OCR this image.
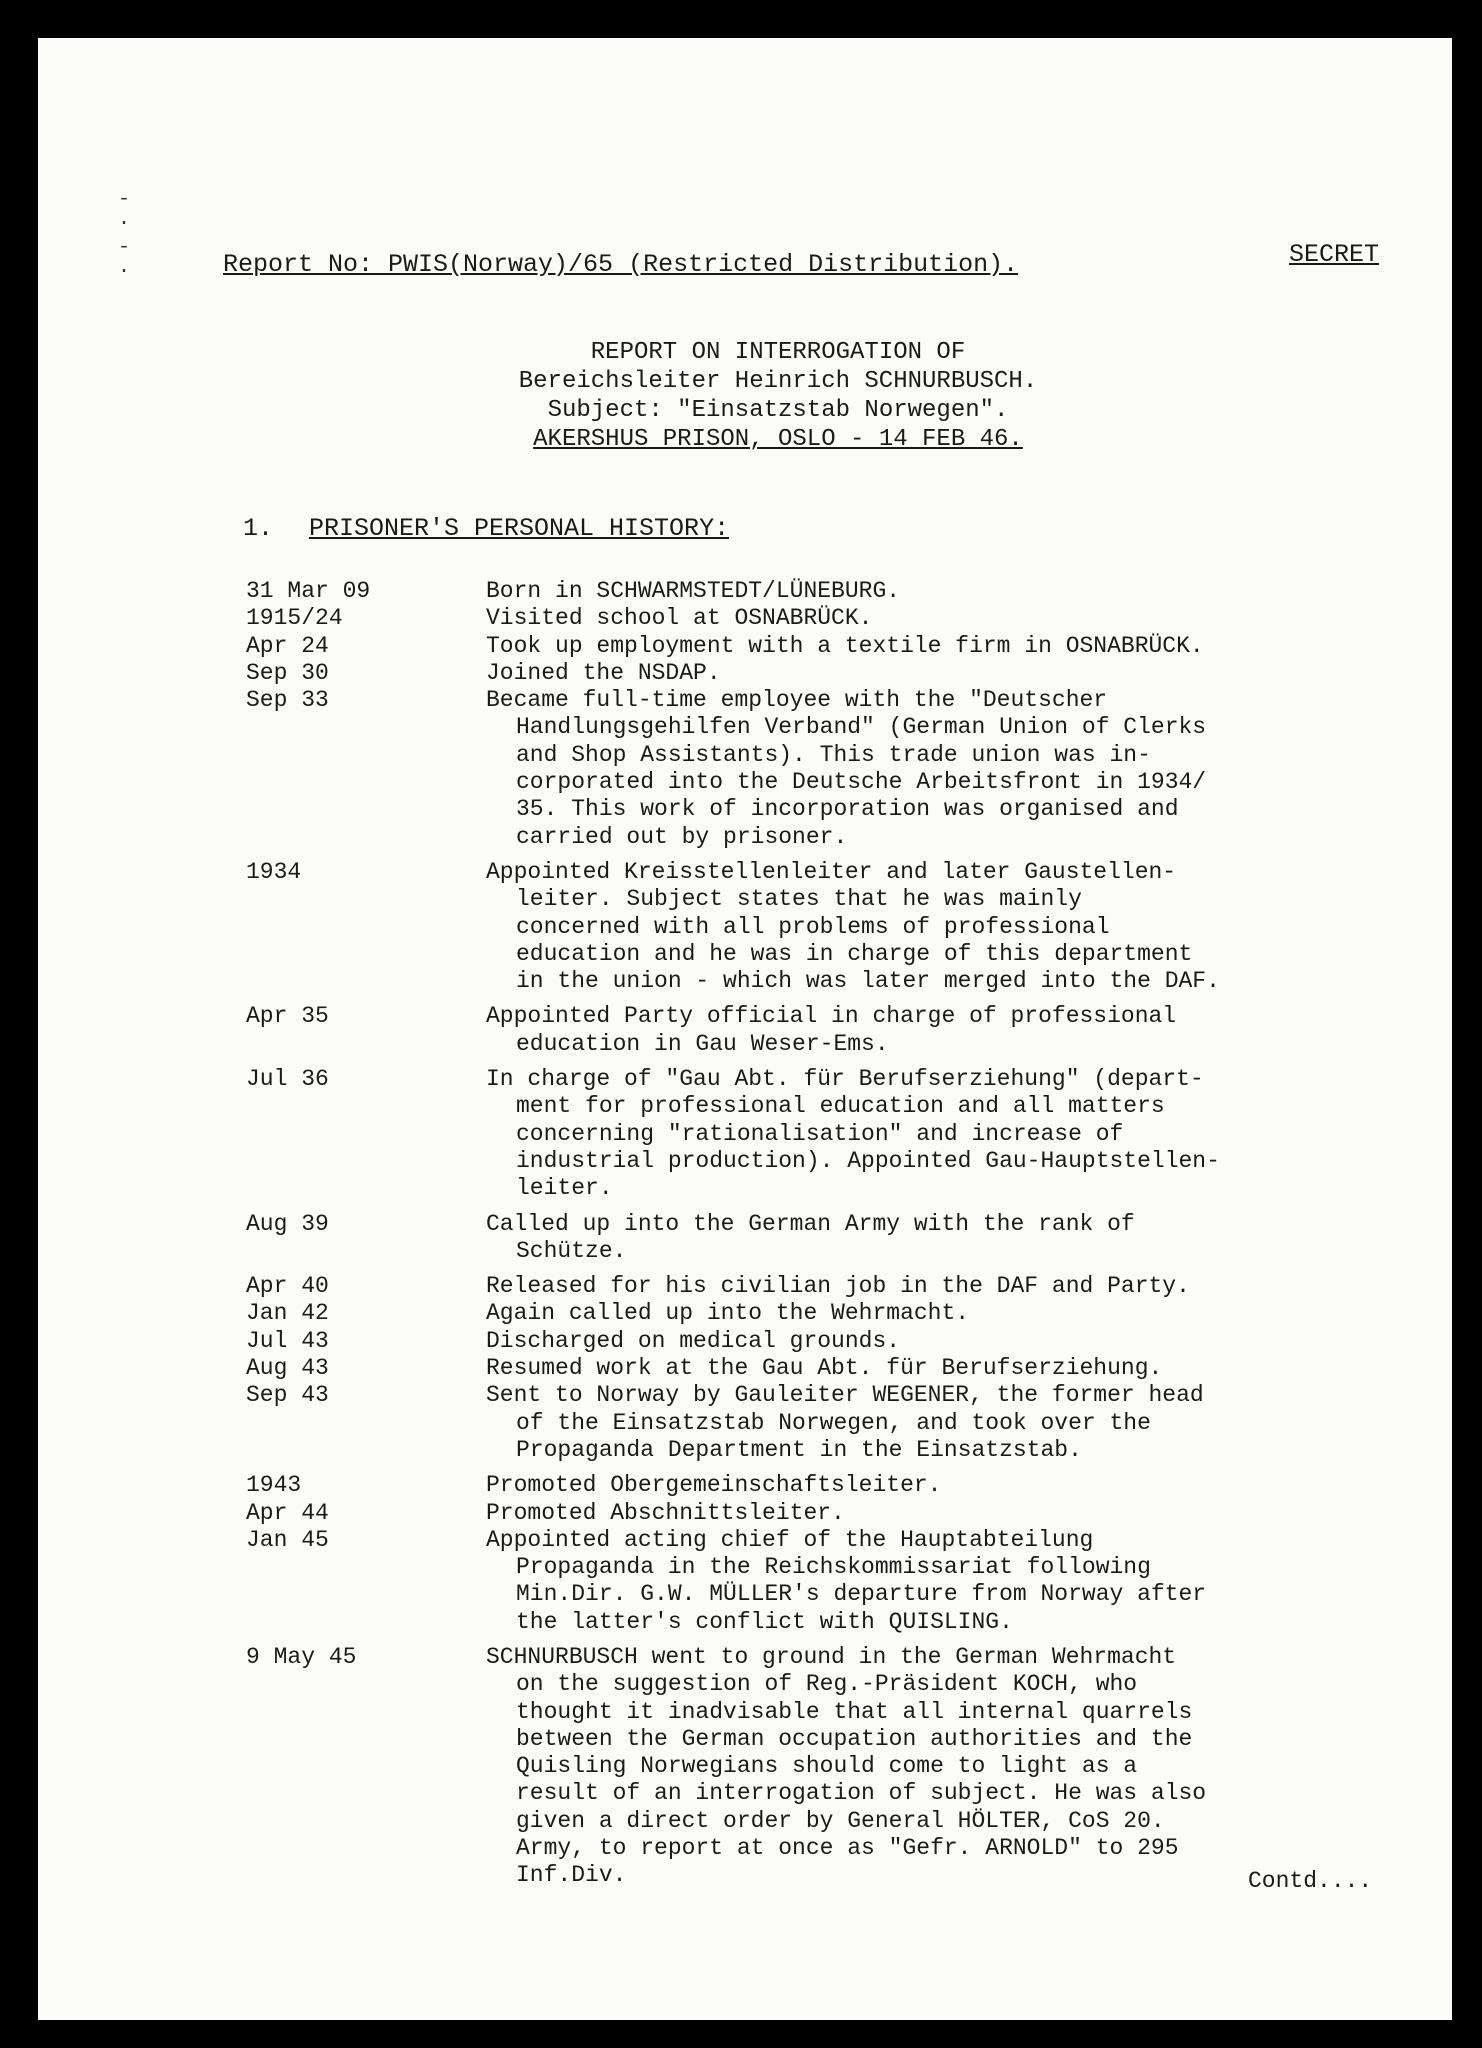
-
·
-
·	Report No: PWIS(Norway)/65 (Restricted Distribution).	SECRET
REPORT ON INTERROGATION OF
Bereichsleiter Heinrich SCHNURBUSCH.
Subject: "Einsatzstab Norwegen".
AKERSHUS PRISON, OSLO - 14 FEB 46.
1. PRISONER'S PERSONAL HISTORY:
31 Mar 09	Born in SCHWARMSTEDT/LÜNEBURG.
1915/24	Visited school at OSNABRÜCK.
Apr 24	Took up employment with a textile firm in OSNABRÜCK.
Sep 30	Joined the NSDAP.
Sep 33	Became full-time employee with the "Deutscher
Handlungsgehilfen Verband" (German Union of Clerks
and Shop Assistants). This trade union was in-
corporated into the Deutsche Arbeitsfront in 1934/
35. This work of incorporation was organised and
carried out by prisoner.
1934	Appointed Kreisstellenleiter and later Gaustellen-
leiter. Subject states that he was mainly
concerned with all problems of professional
education and he was in charge of this department
in the union - which was later merged into the DAF.
Apr 35	Appointed Party official in charge of professional
education in Gau Weser-Ems.
Jul 36	In charge of "Gau Abt. für Berufserziehung" (depart-
ment for professional education and all matters
concerning "rationalisation" and increase of
industrial production). Appointed Gau-Hauptstellen-
leiter.
Aug 39	Called up into the German Army with the rank of
Schütze.
Apr 40	Released for his civilian job in the DAF and Party.
Jan 42	Again called up into the Wehrmacht.
Jul 43	Discharged on medical grounds.
Aug 43	Resumed work at the Gau Abt. für Berufserziehung.
Sep 43	Sent to Norway by Gauleiter WEGENER, the former head
of the Einsatzstab Norwegen, and took over the
Propaganda Department in the Einsatzstab.
1943	Promoted Obergemeinschaftsleiter.
Apr 44	Promoted Abschnittsleiter.
Jan 45	Appointed acting chief of the Hauptabteilung
Propaganda in the Reichskommissariat following
Min.Dir. G.W. MÜLLER's departure from Norway after
the latter's conflict with QUISLING.
9 May 45	SCHNURBUSCH went to ground in the German Wehrmacht
on the suggestion of Reg.-Präsident KOCH, who
thought it inadvisable that all internal quarrels
between the German occupation authorities and the
Quisling Norwegians should come to light as a
result of an interrogation of subject. He was also
given a direct order by General HÖLTER, CoS 20.
Army, to report at once as "Gefr. ARNOLD" to 295
Inf.Div.	Contd....
